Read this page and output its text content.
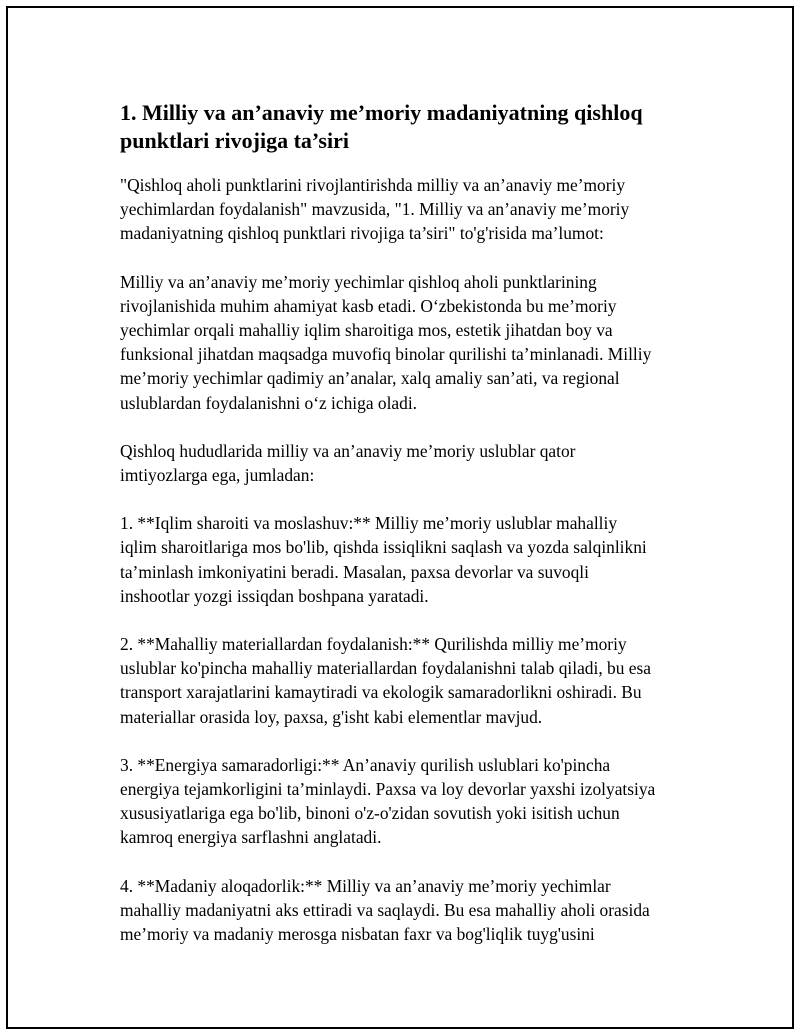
1. Milliy va an’anaviy me’moriy madaniyatning qishloq
punktlari rivojiga ta’siri

"Qishloq aholi punktlarini rivojlantirishda milliy va an’anaviy me’moriy
yechimlardan foydalanish" mavzusida, "1. Milliy va an’anaviy me’moriy
madaniyatning qishloq punktlari rivojiga ta’siri" to'g'risida ma’lumot:

Milliy va an’anaviy me’moriy yechimlar qishloq aholi punktlarining
rivojlanishida muhim ahamiyat kasb etadi. O‘zbekistonda bu me’moriy
yechimlar orqali mahalliy iqlim sharoitiga mos, estetik jihatdan boy va
funksional jihatdan maqsadga muvofiq binolar qurilishi ta’minlanadi. Milliy
me’moriy yechimlar qadimiy an’analar, xalq amaliy san’ati, va regional
uslublardan foydalanishni o‘z ichiga oladi.

Qishloq hududlarida milliy va an’anaviy me’moriy uslublar qator
imtiyozlarga ega, jumladan:

1. **Iqlim sharoiti va moslashuv:** Milliy me’moriy uslublar mahalliy
iqlim sharoitlariga mos bo'lib, qishda issiqlikni saqlash va yozda salqinlikni
ta’minlash imkoniyatini beradi. Masalan, paxsa devorlar va suvoqli
inshootlar yozgi issiqdan boshpana yaratadi.

2. **Mahalliy materiallardan foydalanish:** Qurilishda milliy me’moriy
uslublar ko'pincha mahalliy materiallardan foydalanishni talab qiladi, bu esa
transport xarajatlarini kamaytiradi va ekologik samaradorlikni oshiradi. Bu
materiallar orasida loy, paxsa, g'isht kabi elementlar mavjud.

3. **Energiya samaradorligi:** An’anaviy qurilish uslublari ko'pincha
energiya tejamkorligini ta’minlaydi. Paxsa va loy devorlar yaxshi izolyatsiya
xususiyatlariga ega bo'lib, binoni o'z-o'zidan sovutish yoki isitish uchun
kamroq energiya sarflashni anglatadi.

4. **Madaniy aloqadorlik:** Milliy va an’anaviy me’moriy yechimlar
mahalliy madaniyatni aks ettiradi va saqlaydi. Bu esa mahalliy aholi orasida
me’moriy va madaniy merosga nisbatan faxr va bog'liqlik tuyg'usini
